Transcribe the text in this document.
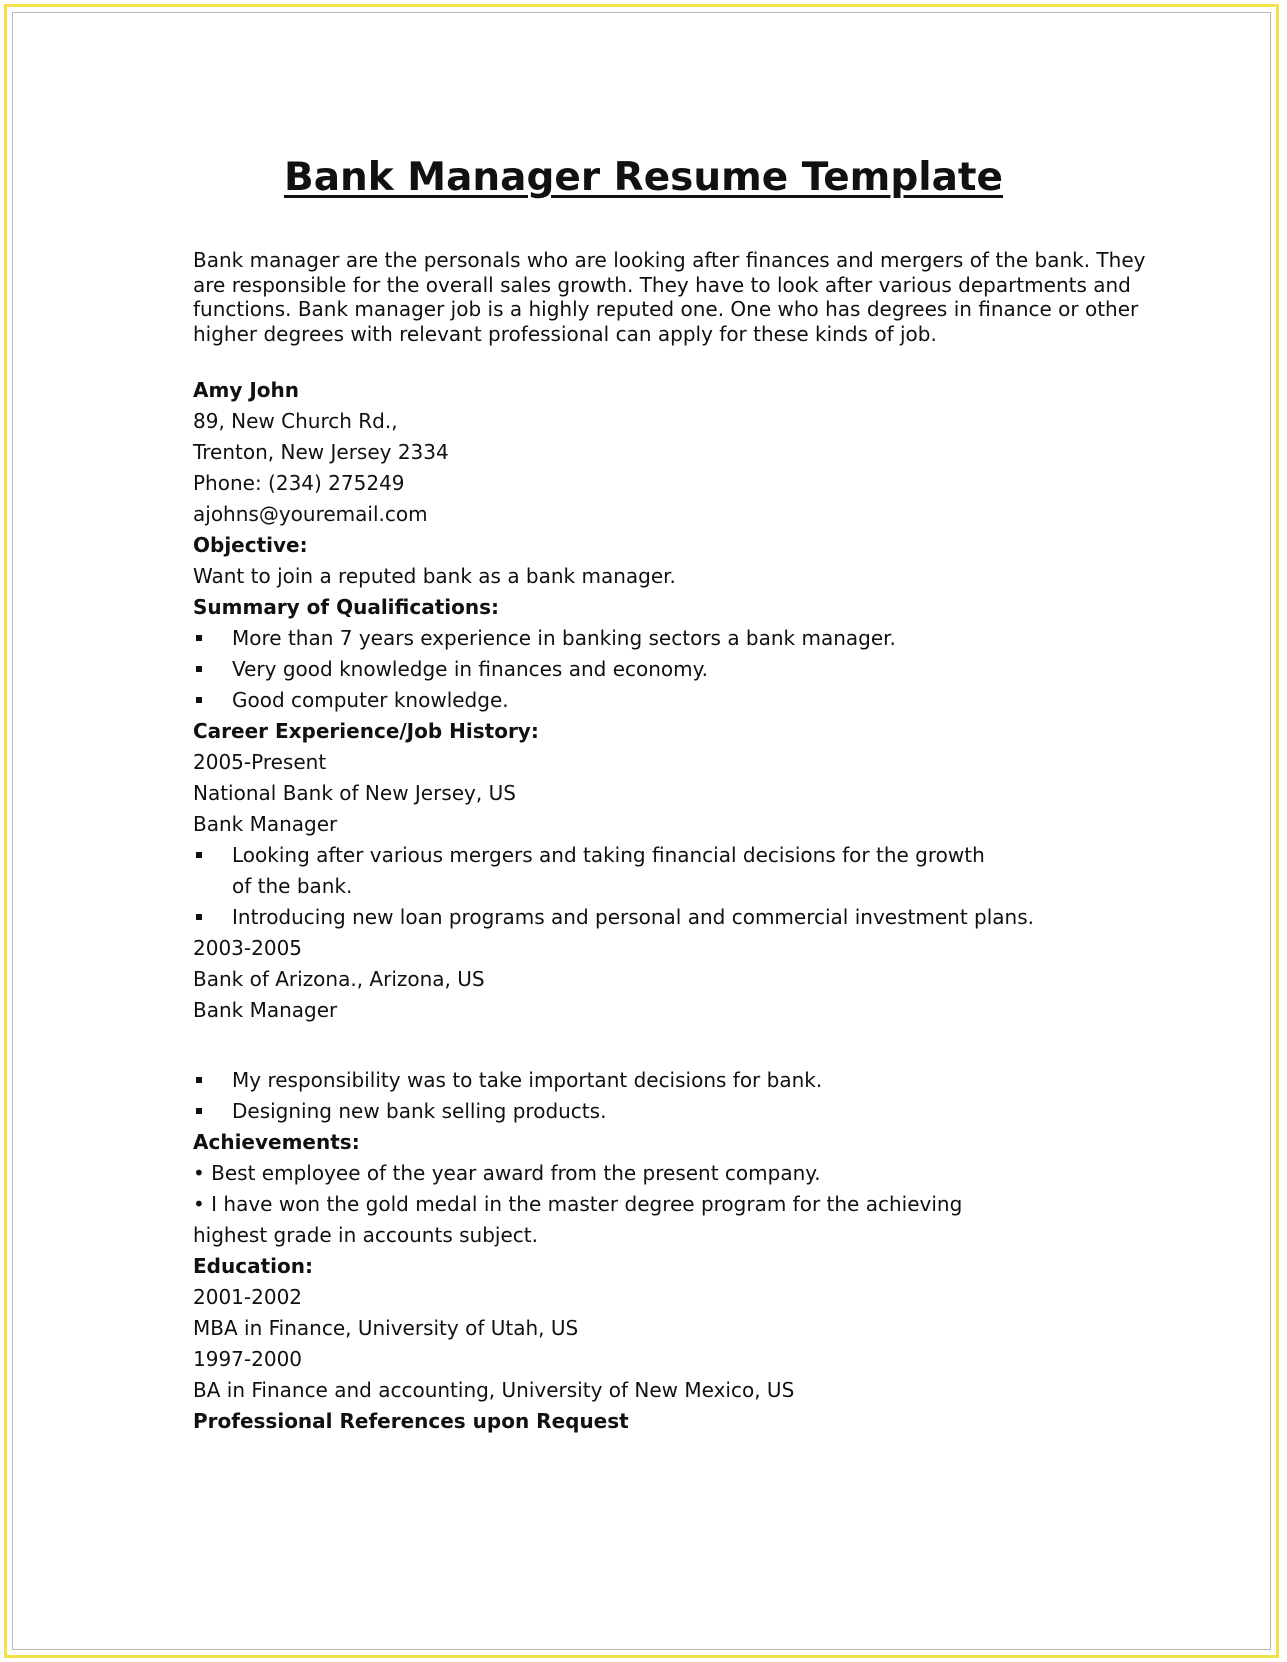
Bank Manager Resume Template

Bank manager are the personals who are looking after finances and mergers of the bank. They are responsible for the overall sales growth. They have to look after various departments and functions. Bank manager job is a highly reputed one. One who has degrees in finance or other higher degrees with relevant professional can apply for these kinds of job.

Amy John
89, New Church Rd.,
Trenton, New Jersey 2334
Phone: (234) 275249
ajohns@youremail.com
Objective:
Want to join a reputed bank as a bank manager.
Summary of Qualifications:
More than 7 years experience in banking sectors a bank manager.
Very good knowledge in finances and economy.
Good computer knowledge.
Career Experience/Job History:
2005-Present
National Bank of New Jersey, US
Bank Manager
Looking after various mergers and taking financial decisions for the growth of the bank.
Introducing new loan programs and personal and commercial investment plans.
2003-2005
Bank of Arizona., Arizona, US
Bank Manager
My responsibility was to take important decisions for bank.
Designing new bank selling products.
Achievements:
• Best employee of the year award from the present company.
• I have won the gold medal in the master degree program for the achieving highest grade in accounts subject.
Education:
2001-2002
MBA in Finance, University of Utah, US
1997-2000
BA in Finance and accounting, University of New Mexico, US
Professional References upon Request
